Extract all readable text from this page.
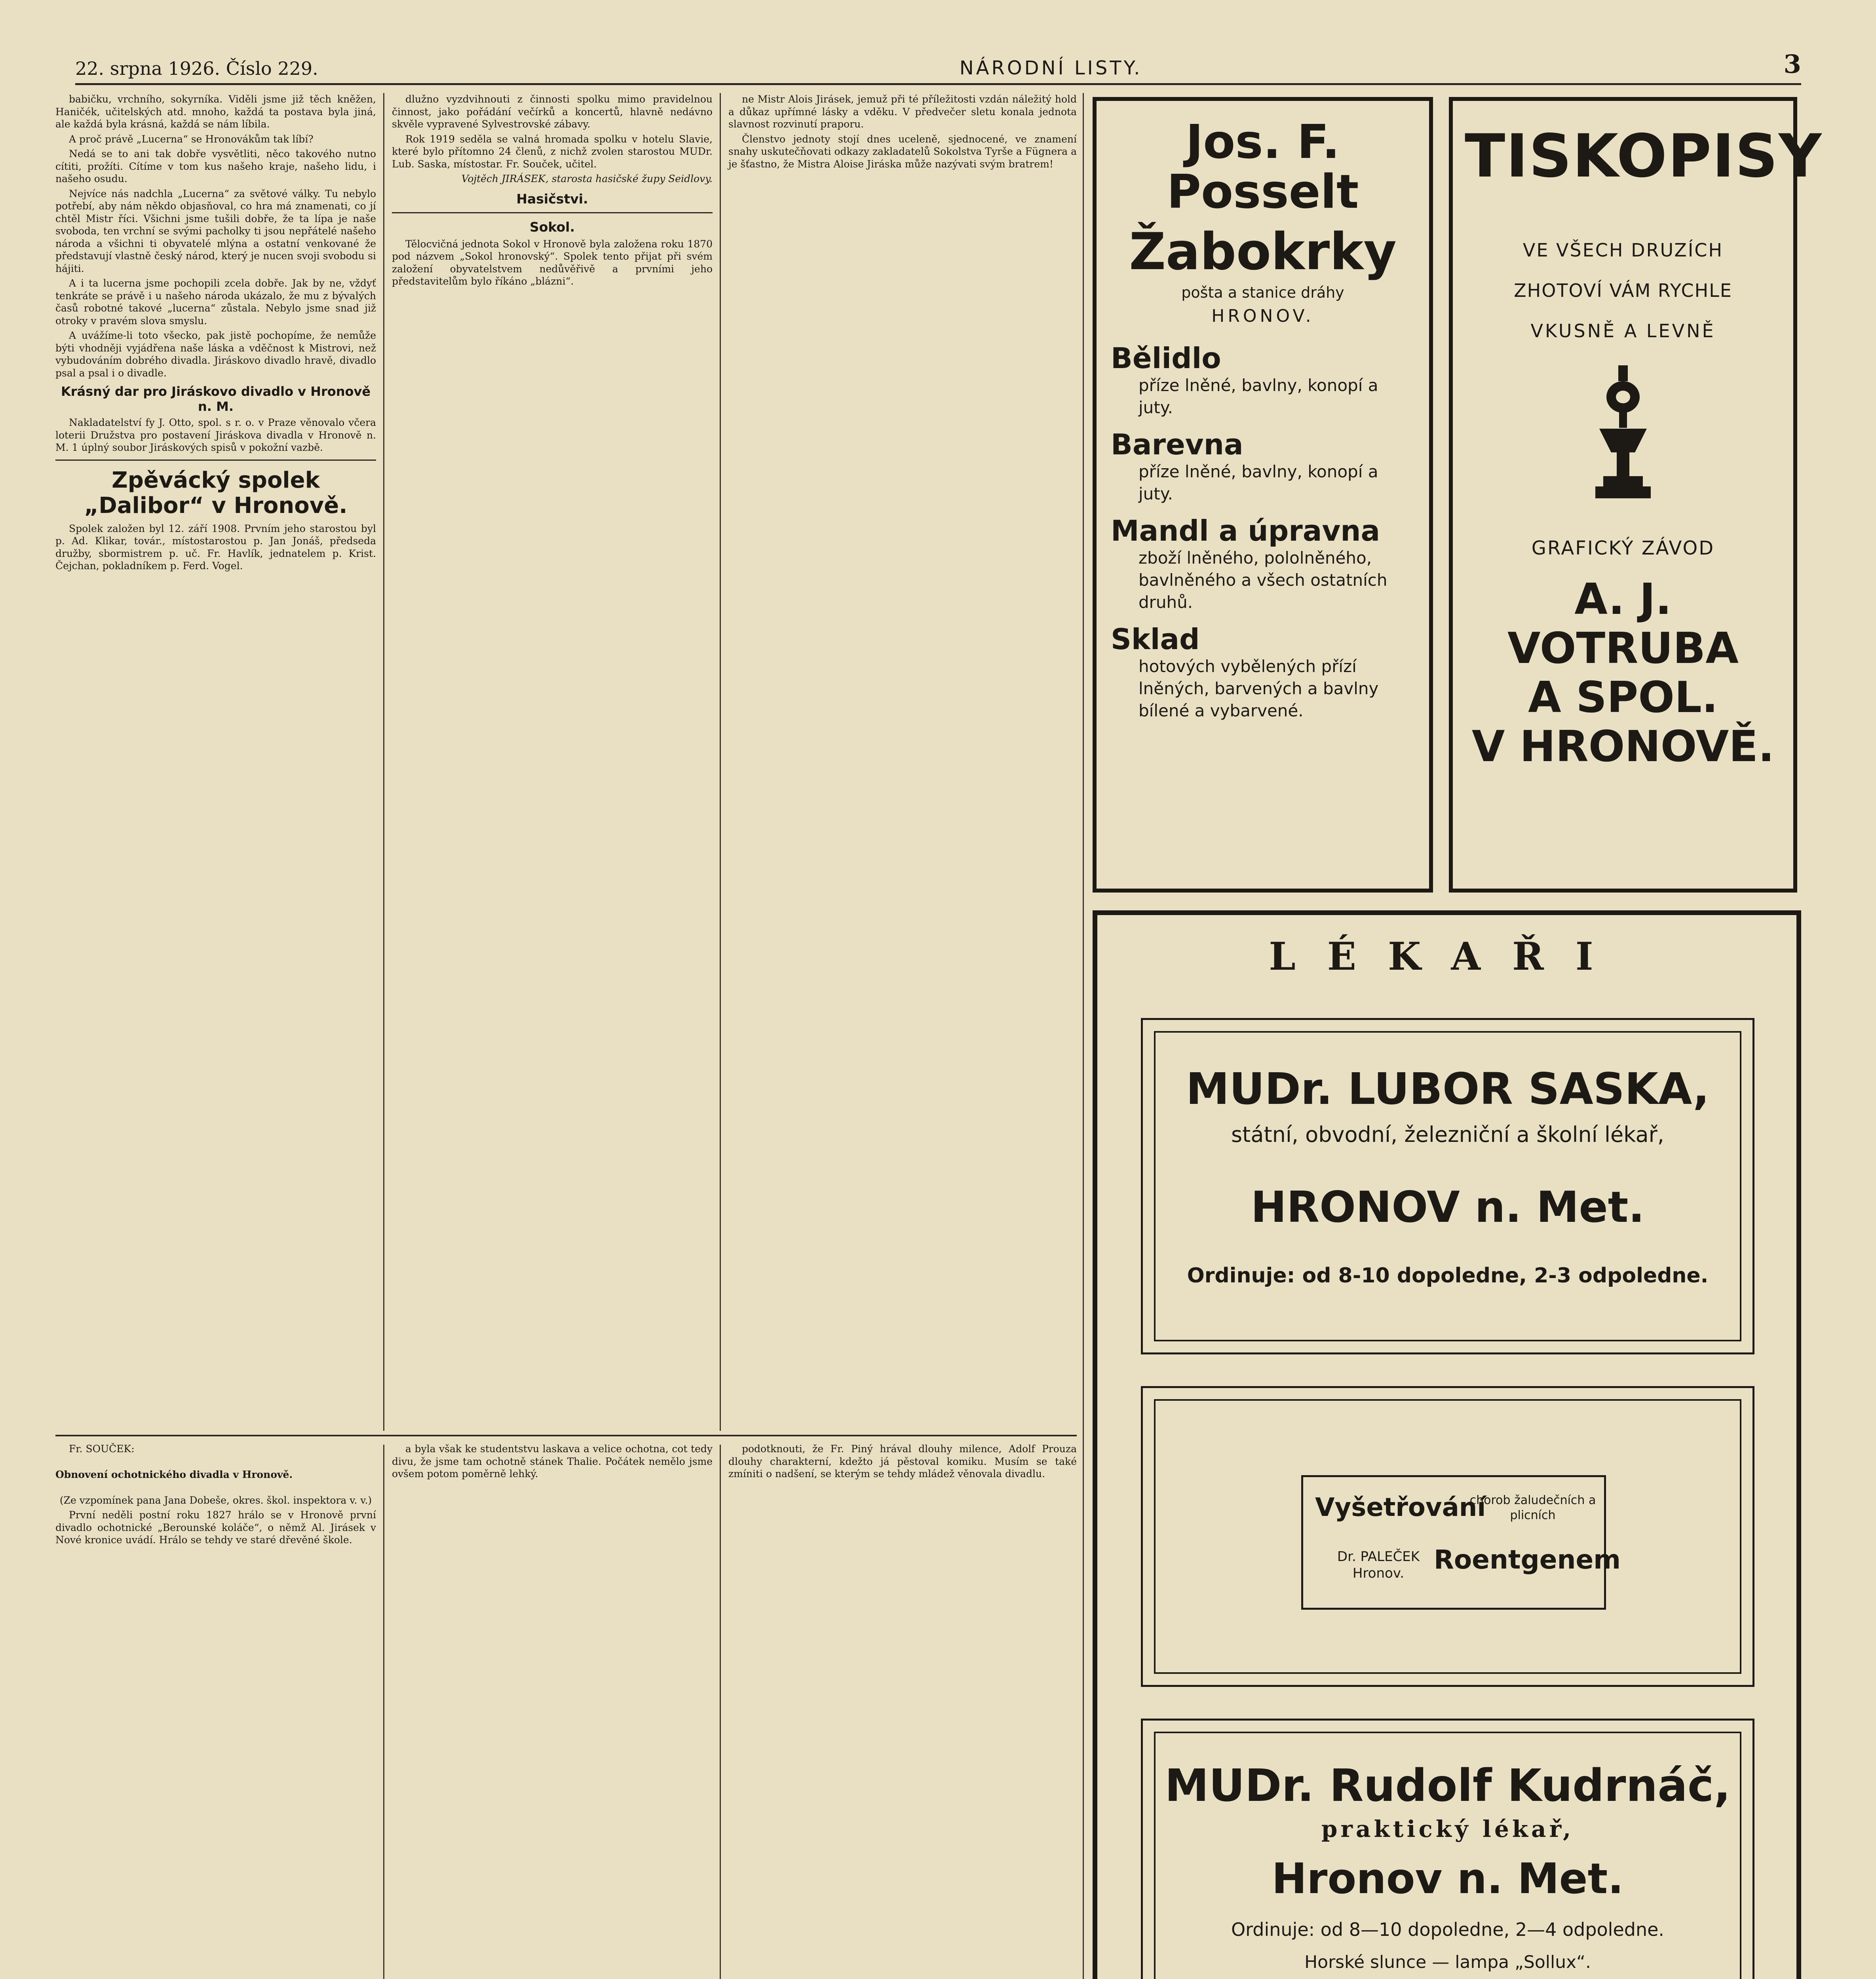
22. srpna 1926. Číslo 229.	NÁRODNÍ LISTY.	3

babičku, vrchního, sokyrníka. Viděli jsme již těch kněžen, Haničék, učitelských atd. mnoho, každá ta postava byla jiná, ale každá byla krásná, každá se nám líbila.

A proč právě „Lucerna“ se Hronovákům tak líbí?

Nedá se to ani tak dobře vysvětliti, něco takového nutno cítiti, prožíti. Cítíme v tom kus našeho kraje, našeho lidu, i našeho osudu.

Nejvíce nás nadchla „Lucerna“ za světové války. Tu nebylo potřebí, aby nám někdo objasňoval, co hra má znamenati, co jí chtěl Mistr říci. Všichni jsme tušili dobře, že ta lípa je naše svoboda, ten vrchní se svými pacholky ti jsou nepřátelé našeho národa a všichni ti obyvatelé mlýna a ostatní venkované že představují vlastně český národ, který je nucen svoji svobodu si hájiti.

A i ta lucerna jsme pochopili zcela dobře. Jak by ne, vždyť tenkráte se právě i u našeho národa ukázalo, že mu z bývalých časů robotné takové „lucerna“ zůstala. Nebylo jsme snad již otroky v pravém slova smyslu.

A uvážíme-li toto všecko, pak jistě pochopíme, že nemůže býti vhodněji vyjádřena naše láska a vděčnost k Mistrovi, než vybudováním dobrého divadla. Jiráskovo divadlo hravě, divadlo psal a psal i o divadle.

Krásný dar pro Jiráskovo divadlo v Hronově n. M.

Nakladatelství fy J. Otto, spol. s r. o. v Praze věnovalo včera loterii Družstva pro postavení Jiráskova divadla v Hronově n. M. 1 úplný soubor Jiráskových spisů v pokožní vazbě.

Zpěvácký spolek „Dalibor“ v Hronově.

Spolek založen byl 12. září 1908. Prvním jeho starostou byl p. Ad. Klikar, továr., místostarostou p. Jan Jonáš, předseda družby, sbormistrem p. uč. Fr. Havlík, jednatelem p. Krist. Čejchan, pokladníkem p. Ferd. Vogel.

dlužno vyzdvihnouti z činnosti spolku mimo pravidelnou činnost, jako pořádání večírků a koncertů, hlavně nedávno skvěle vypravené Sylvestrovské zábavy.

Rok 1919 seděla se valná hromada spolku v hotelu Slavie, které bylo přítomno 24 členů, z nichž zvolen starostou MUDr. Lub. Saska, místostar. Fr. Souček, učitel.

Vojtěch JIRÁSEK, starosta hasičské župy Seidlovy.

Hasičstvi.
Sokol.

Tělocvičná jednota Sokol v Hronově byla založena roku 1870 pod názvem „Sokol hronovský“. Spolek tento přijat při svém založení obyvatelstvem nedůvěřivě a prvními jeho představitelům bylo říkáno „blázni“.

ne Mistr Alois Jirásek, jemuž při té příležitosti vzdán náležitý hold a důkaz upřímné lásky a vděku. V předvečer sletu konala jednota slavnost rozvinutí praporu.

Členstvo jednoty stojí dnes uceleně, sjednocené, ve znamení snahy uskutečňovati odkazy zakladatelů Sokolstva Tyrše a Fügnera a je šťastno, že Mistra Aloise Jiráska může nazývati svým bratrem!

Fr. SOUČEK:

Obnovení ochotnického divadla v Hronově.

(Ze vzpomínek pana Jana Dobeše, okres. škol. inspektora v. v.)

První neděli postní roku 1827 hrálo se v Hronově první divadlo ochotnické „Berounské koláče“, o němž Al. Jirásek v Nové kronice uvádí. Hrálo se tehdy ve staré dřevěné škole.

a byla však ke studentstvu laskava a velice ochotna, cot tedy divu, že jsme tam ochotně stánek Thalie. Počátek nemělo jsme ovšem potom poměrně lehký.

podotknouti, že Fr. Piný hrával dlouhy milence, Adolf Prouza dlouhy charakterní, kdežto já pěstoval komiku. Musím se také zmíniti o nadšení, se kterým se tehdy mládež věnovala divadlu.

Jos. F. Posselt
Žabokrky
pošta a stanice dráhy
HRONOV.
Bělidlo
příze lněné, bavlny, konopí a juty.
Barevna
příze lněné, bavlny, konopí a juty.
Mandl a úpravna
zboží lněného, pololněného, bavlněného a všech ostatních druhů.
Sklad
hotových vybělených přízí lněných, barvených a bavlny bílené a vybarvené.
TISKOPISY
VE VŠECH DRUZÍCH
ZHOTOVÍ VÁM RYCHLE
VKUSNĚ A LEVNĚ
GRAFICKÝ ZÁVOD
A. J. VOTRUBA
A SPOL.
V HRONOVĚ.
LÉKAŘI
MUDr. LUBOR SASKA,
státní, obvodní, železniční a školní lékař,
HRONOV n. Met.
Ordinuje: od 8-10 dopoledne, 2-3 odpoledne.
Vyšetřování
chorob žaludečních a plicních
Dr. PALEČEK Hronov.	Roentgenem
MUDr. Rudolf Kudrnáč,
praktický lékař,
Hronov n. Met.
Ordinuje: od 8—10 dopoledne, 2—4 odpoledne.
Horské slunce — lampa „Sollux“.
